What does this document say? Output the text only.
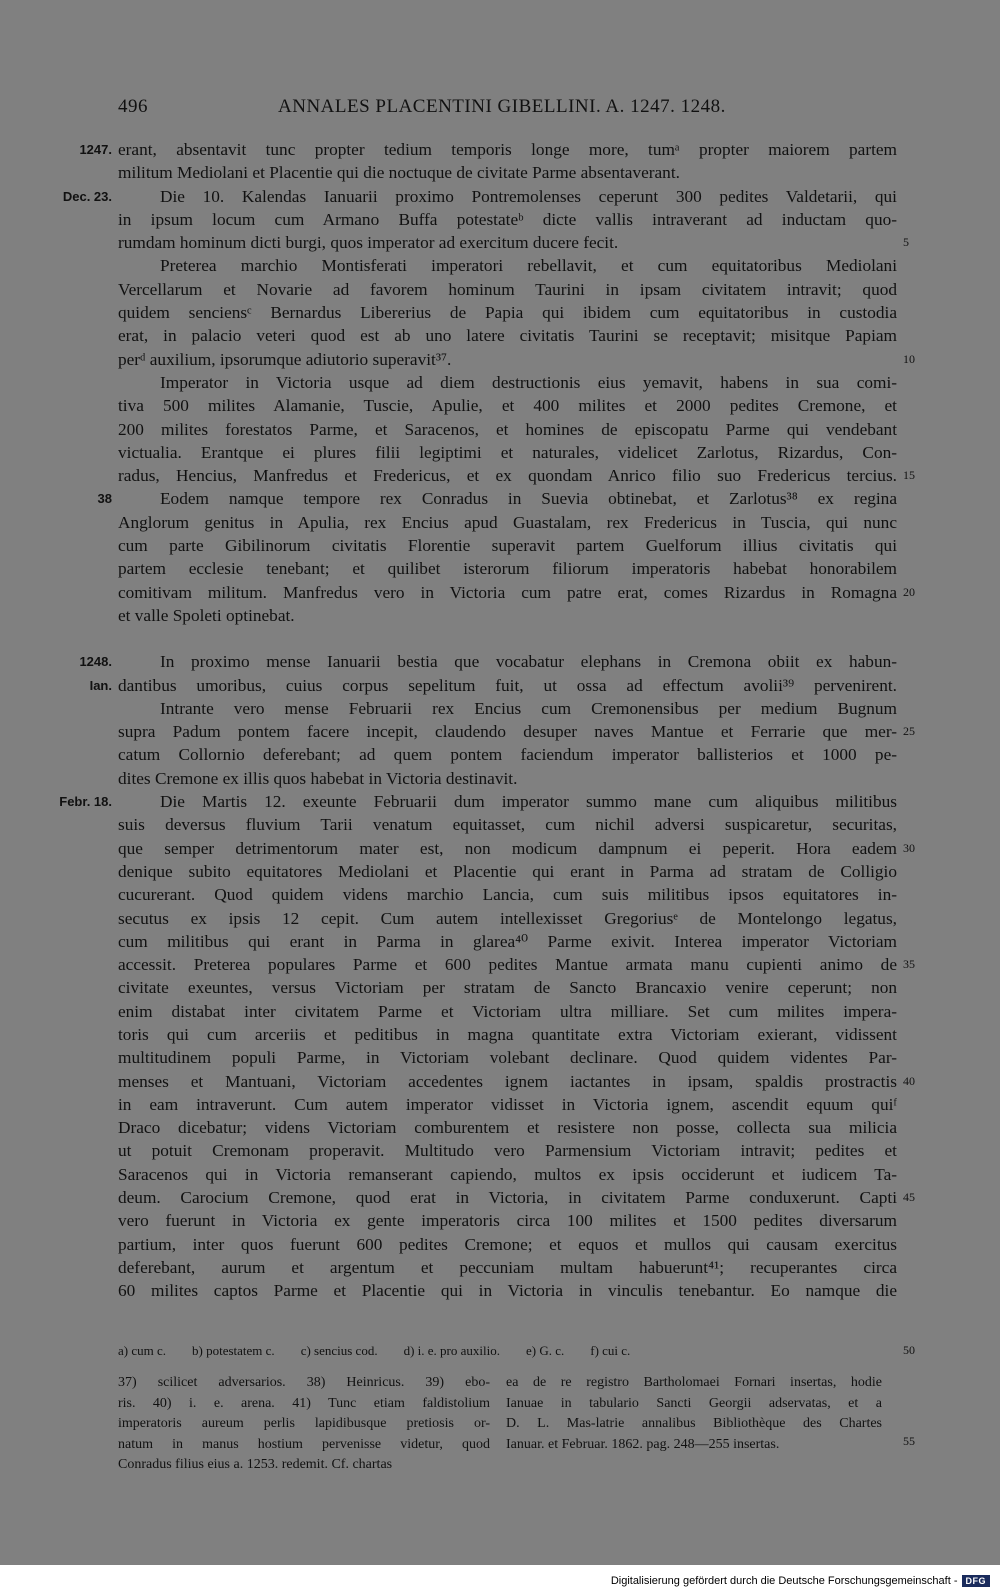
496	ANNALES PLACENTINI GIBELLINI. A. 1247. 1248.
1247. erant, absentavit tunc propter tedium temporis longe more, tumᵃ propter maiorem partem
militum Mediolani et Placentie qui die noctuque de civitate Parme absentaverant.
Dec. 23.	Die 10. Kalendas Ianuarii proximo Pontremolenses ceperunt 300 pedites Valdetarii, qui
in ipsum locum cum Armano Buffa potestateᵇ dicte vallis intraverant ad inductam quo-
rumdam hominum dicti burgi, quos imperator ad exercitum ducere fecit.	5
Preterea marchio Montisferati imperatori rebellavit, et cum equitatoribus Mediolani
Vercellarum et Novarie ad favorem hominum Taurini in ipsam civitatem intravit; quod
quidem senciensᶜ Bernardus Libererius de Papia qui ibidem cum equitatoribus in custodia
erat, in palacio veteri quod est ab uno latere civitatis Taurini se receptavit; misitque Papiam
perᵈ auxilium, ipsorumque adiutorio superavit³⁷.	10
Imperator in Victoria usque ad diem destructionis eius yemavit, habens in sua comi-
tiva 500 milites Alamanie, Tuscie, Apulie, et 400 milites et 2000 pedites Cremone, et
200 milites forestatos Parme, et Saracenos, et homines de episcopatu Parme qui vendebant
victualia. Erantque ei plures filii legiptimi et naturales, videlicet Zarlotus, Rizardus, Con-
radus, Hencius, Manfredus et Fredericus, et ex quondam Anrico filio suo Fredericus tercius. 15
38	Eodem namque tempore rex Conradus in Suevia obtinebat, et Zarlotus³⁸ ex regina
Anglorum genitus in Apulia, rex Encius apud Guastalam, rex Fredericus in Tuscia, qui nunc
cum parte Gibilinorum civitatis Florentie superavit partem Guelforum illius civitatis qui
partem ecclesie tenebant; et quilibet isterorum filiorum imperatoris habebat honorabilem
comitivam militum. Manfredus vero in Victoria cum patre erat, comes Rizardus in Romagna 20
et valle Spoleti optinebat.
1248.	In proximo mense Ianuarii bestia que vocabatur elephans in Cremona obiit ex habun-
Ian. dantibus umoribus, cuius corpus sepelitum fuit, ut ossa ad effectum avolii³⁹ pervenirent.
Intrante vero mense Februarii rex Encius cum Cremonensibus per medium Bugnum
supra Padum pontem facere incepit, claudendo desuper naves Mantue et Ferrarie que mer- 25
catum Collornio deferebant; ad quem pontem faciendum imperator ballisterios et 1000 pe-
dites Cremone ex illis quos habebat in Victoria destinavit.
Febr. 18.	Die Martis 12. exeunte Februarii dum imperator summo mane cum aliquibus militibus
suis deversus fluvium Tarii venatum equitasset, cum nichil adversi suspicaretur, securitas,
que semper detrimentorum mater est, non modicum dampnum ei peperit. Hora eadem 30
denique subito equitatores Mediolani et Placentie qui erant in Parma ad stratam de Colligio
cucurerant. Quod quidem videns marchio Lancia, cum suis militibus ipsos equitatores in-
secutus ex ipsis 12 cepit. Cum autem intellexisset Gregoriusᵉ de Montelongo legatus,
cum militibus qui erant in Parma in glarea⁴⁰ Parme exivit. Interea imperator Victoriam
accessit. Preterea populares Parme et 600 pedites Mantue armata manu cupienti animo de 35
civitate exeuntes, versus Victoriam per stratam de Sancto Brancaxio venire ceperunt; non
enim distabat inter civitatem Parme et Victoriam ultra milliare. Set cum milites impera-
toris qui cum arceriis et peditibus in magna quantitate extra Victoriam exierant, vidissent
multitudinem populi Parme, in Victoriam volebant declinare. Quod quidem videntes Par-
menses et Mantuani, Victoriam accedentes ignem iactantes in ipsam, spaldis prostractis 40
in eam intraverunt. Cum autem imperator vidisset in Victoria ignem, ascendit equum quiᶠ
Draco dicebatur; videns Victoriam comburentem et resistere non posse, collecta sua milicia
ut potuit Cremonam properavit. Multitudo vero Parmensium Victoriam intravit; pedites et
Saracenos qui in Victoria remanserant capiendo, multos ex ipsis occiderunt et iudicem Ta-
deum. Carocium Cremone, quod erat in Victoria, in civitatem Parme conduxerunt. Capti 45
vero fuerunt in Victoria ex gente imperatoris circa 100 milites et 1500 pedites diversarum
partium, inter quos fuerunt 600 pedites Cremone; et equos et mullos qui causam exercitus
deferebant, aurum et argentum et peccuniam multam habuerunt⁴¹; recuperantes circa
60 milites captos Parme et Placentie qui in Victoria in vinculis tenebantur. Eo namque die
a) cum c. b) potestatem c. c) sencius cod. d) i. e. pro auxilio. e) G. c. f) cui c.	50
37) scilicet adversarios. 38) Heinricus. 39) ebo-
ris. 40) i. e. arena. 41) Tunc etiam faldistolium
imperatoris aureum perlis lapidibusque pretiosis or-
natum in manus hostium pervenisse videtur, quod
Conradus filius eius a. 1253. redemit. Cf. chartas
ea de re registro Bartholomaei Fornari insertas, hodie
Ianuae in tabulario Sancti Georgii adservatas, et a
D. L. Mas-latrie annalibus Bibliothèque des Chartes
Ianuar. et Februar. 1862. pag. 248—255 insertas.	55
Digitalisierung gefördert durch die Deutsche Forschungsgemeinschaft - DFG
